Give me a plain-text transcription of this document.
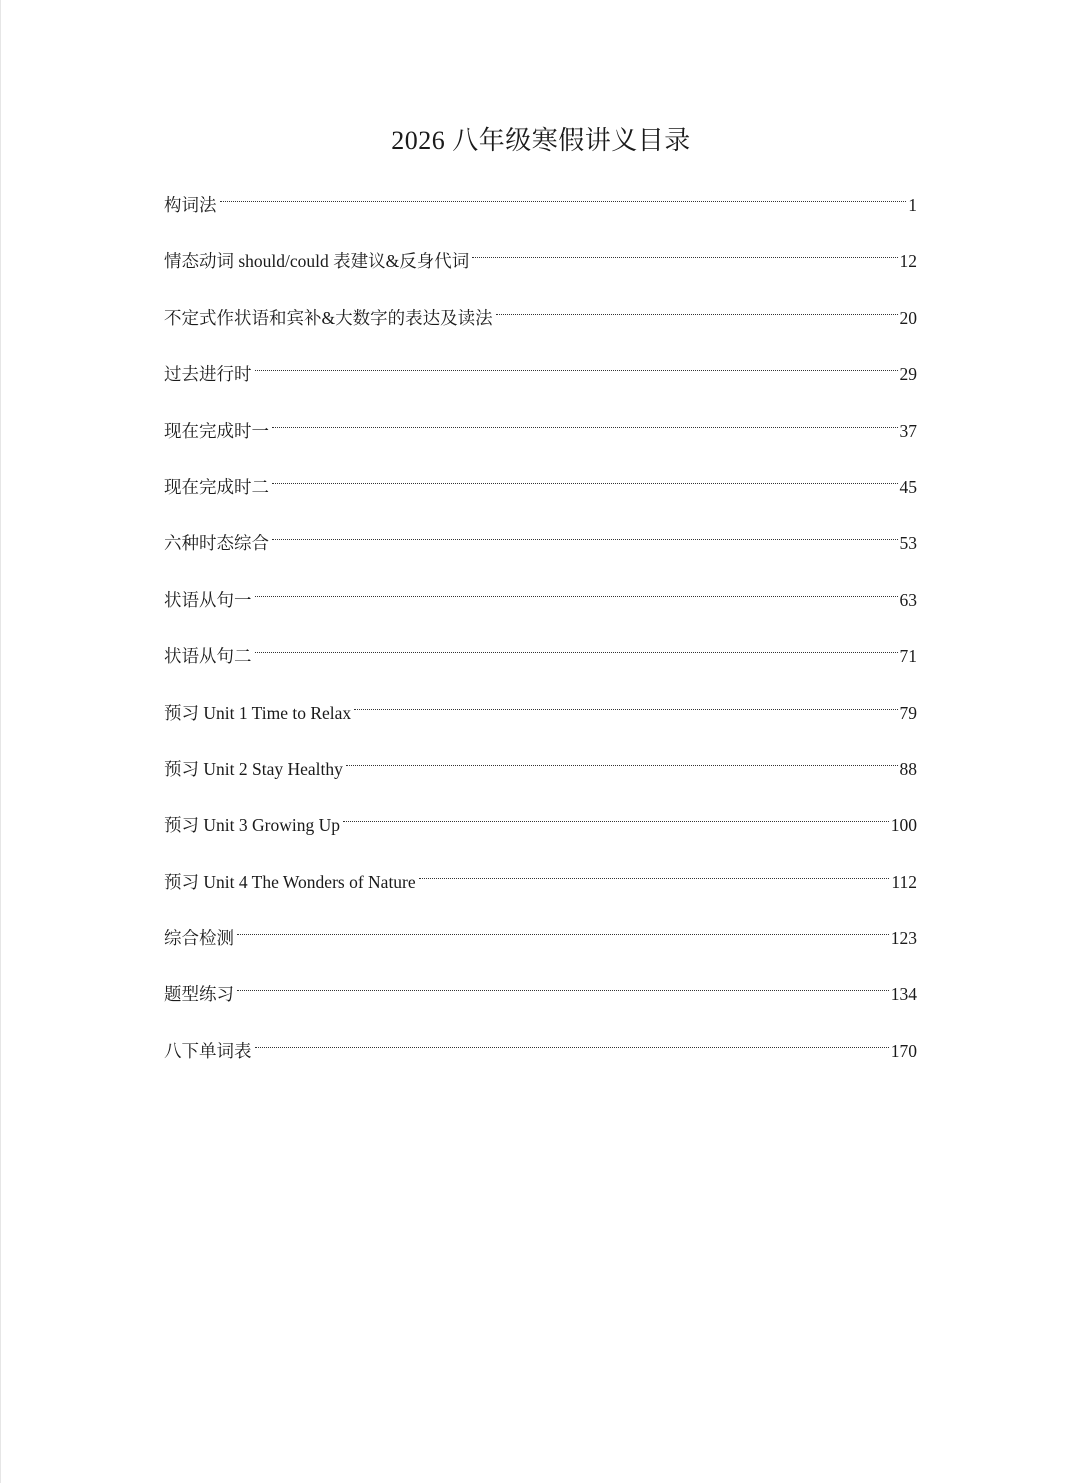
2026 八年级寒假讲义目录
构词法	1
情态动词 should/could 表建议&反身代词	12
不定式作状语和宾补&大数字的表达及读法	20
过去进行时	29
现在完成时一	37
现在完成时二	45
六种时态综合	53
状语从句一	63
状语从句二	71
预习 Unit 1 Time to Relax	79
预习 Unit 2 Stay Healthy	88
预习 Unit 3 Growing Up	100
预习 Unit 4 The Wonders of Nature	112
综合检测	123
题型练习	134
八下单词表	170
